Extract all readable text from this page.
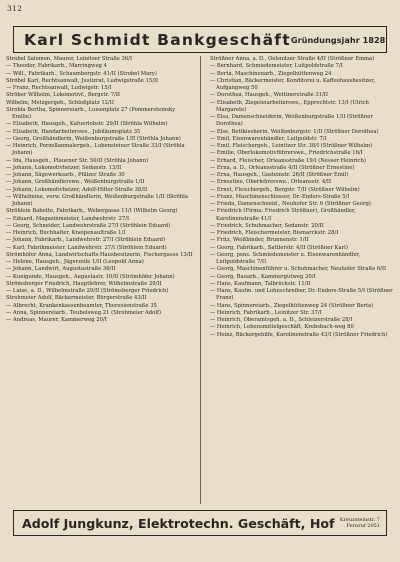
312
Karl Schmidt Bankgeschäft Gründungsjahr 1828
Strobel Salomon, Maurer, Leinitzer Straße 36/I
— Theodor, Fabrikarb., Marringweg 4
— Will., Fabrikarb., Schaumbergstr. 41/II (Strobel Mary)
Ströbel Karl, Rechtsanwalt, Justizrat, Ludwigstraße 15/II
— Franz, Rechtsanwalt, Ludwigstr. 15/I
Ströber Wilhelm, Lokomotivf., Bergstr. 7/II
Wilhelm, Metzgergeh., Schloßplatz 12/II
Strohla Bertha, Spinnereiarb., Luisenplatz 27 (Pommersteinsky Emilie)
— Elisabeth, Hausgeh., Kafuerlobstr. 29/II (Ströhla Wilhelm)
— Elisabeth, Handarbeiterswe., Jubiläumsplatz 35
— Georg, Großhändlerin, Weißenburgstraße 1/II (Ströhla Johann)
— Heinrich, Porzellanmalergeh., Lobensteiner Straße 33/I (Ströhla Johann)
— Ida, Hausgeh., Plauener Str. 50/II (Ströhla Johann)
— Johann, Lokomotivheizer, Sedanstr. 13/II
— Johann, Sägewerksarb., Pfälzer Straße 30
— Johann, Großhändlerswe., Weißenburgstraße 1/II
— Johann, Lokomotivheizer, Adolf-Hitler-Straße 38/II
— Wilhelmine, verw. Großhändlerin, Weißenburgstraße 1/II (Ströhla Johann)
Ströhlein Babette, Fabrikarb., Webergasse 11/I (Wilhelm Georg)
— Eduard, Magazinmeister, Landwehrstr. 27/I
— Georg, Schneider, Landwehrstraße 27/I (Ströhlein Eduard)
— Heinrich, Buchhalter, Kneipenauftraße 1/I
— Johann, Fabrikarb., Landwehrstr. 27/I (Ströhlein Eduard)
— Karl, Fabrikmeister, Landwehrstr. 27/I (Ströhlein Eduard)
Strömhöfer Anna, Landwirtschafts-Hausbesitzerin, Fischergasse 13/II
— Helene, Hausgeh., Jägerzeile 1/II (Leopold Anna)
— Johann, Landwirt, Augustastraße 36/II
— Kunigunde, Hausgeh., Augustastr. 10/II (Strömhöfer Johann)
Strömsberger Friedrich, Hauptlehrer, Wilhelmstraße 29/II
— Luise, a. D., Wilhelmstraße 29/II (Strömsberger Friedrich)
Strohmeier Adolf, Bäckermeister, Bürgerstraße 43/II
— Albrecht, Krankenkassenbeamter, Theresienstraße 35
— Anna, Spinnereiarb., Teubelsweg 21 (Strohmeier Adolf)
— Andreas, Maurer, Kammerweg 20/I
Strößner Anna, a. D., Oelsnitzer Straße 4/II (Strößner Emma)
— Bernhard, Schmiedemeister, Luitpoldstraße 7/I
— Berta, Maschinenarb., Ziegelhüttenweg 24
— Christian, Bäckermeister, Konditorei u. Kaffeehausbesitzer, Aufgangweg 50
— Dorothea, Hausgeh., Wettinerstraße 31/II
— Elisabeth, Ziegeleiarbeiterswe., Epprechtstr. 13/I (Ulrich Margarete)
— Elsa, Damenschneiderin, Weißenburgstraße 1/II (Strößner Dorothea)
— Else, Bettkiesherin, Weißenburgstr. 1/II (Strößner Dorothea)
— Emil, Eisenwarenhändler, Luitpoldstr. 7/I
— Emil, Fleischergeh., Leinitzer Str. 38/I (Strößner Wilhelm)
— Emilie, Oberlokomotivführerswe., Friedrichstraße 16/I
— Erhard, Fleischer, Orleansstraße 19/I (Nesser Heinrich)
— Erna, a. D., Orleansstraße 4/II (Strößner Ernestine)
— Erna, Hausgeh., Gasteinstr. 26/II (Strößner Emil)
— Ernestine, Oberlehrerswe., Orleansstr. 4/II
— Ernst, Fleischergeh., Bergstr. 7/II (Strößner Wilhelm)
— Franz, Maschinenschlosser, Dr.-Enders-Straße 5/I
— Frieda, Damenschneid., Neuhofer Str. 6 (Strößner Georg)
— Friedrich (Firma: Friedrich Strößner), Großhändler, Karolinenstraße 41/I
— Friedrich, Schuhmacher, Sedanstr. 20/II
— Friedrich, Fleischermeister, Bismarckstr. 28/I
— Fritz, Weißbinder, Brunnenstr. 1/II
— Georg, Fabrikarb., Sattlerstr. 4/II (Strößner Karl)
— Georg, pens. Schmiedemeister u. Eisenwarenhändler, Luitpoldstraße 7/II
— Georg, Maschinenführer u. Schuhmacher, Neuhofer Straße 6/II
— Georg, Bauarb., Kammergutweg 20/I
— Hans, Kaufmann, Talbrückstr. 11/II
— Hans, Kaufm. und Lohnschreiber, Dr.-Enders-Straße 5/I (Strößner Franz)
— Hans, Spinnereiarb., Ziegelhüttenweg 24 (Strößner Berta)
— Heinrich, Fabrikarb., Leinitzer Str. 37/I
— Heinrich, Oberamtsgeh. a. D., Schleizerstraße 28/I
— Heinrich, Lebensmittelgeschäft, Krebsbach-weg 80
— Heinz, Bäckergehilfe, Karolinenstraße 43/I (Strößner Friedrich)
Adolf Jungkunz, Elektrotechn. Geschäft, Hof Kreuzsteinstr. 7
Fernruf 2051
